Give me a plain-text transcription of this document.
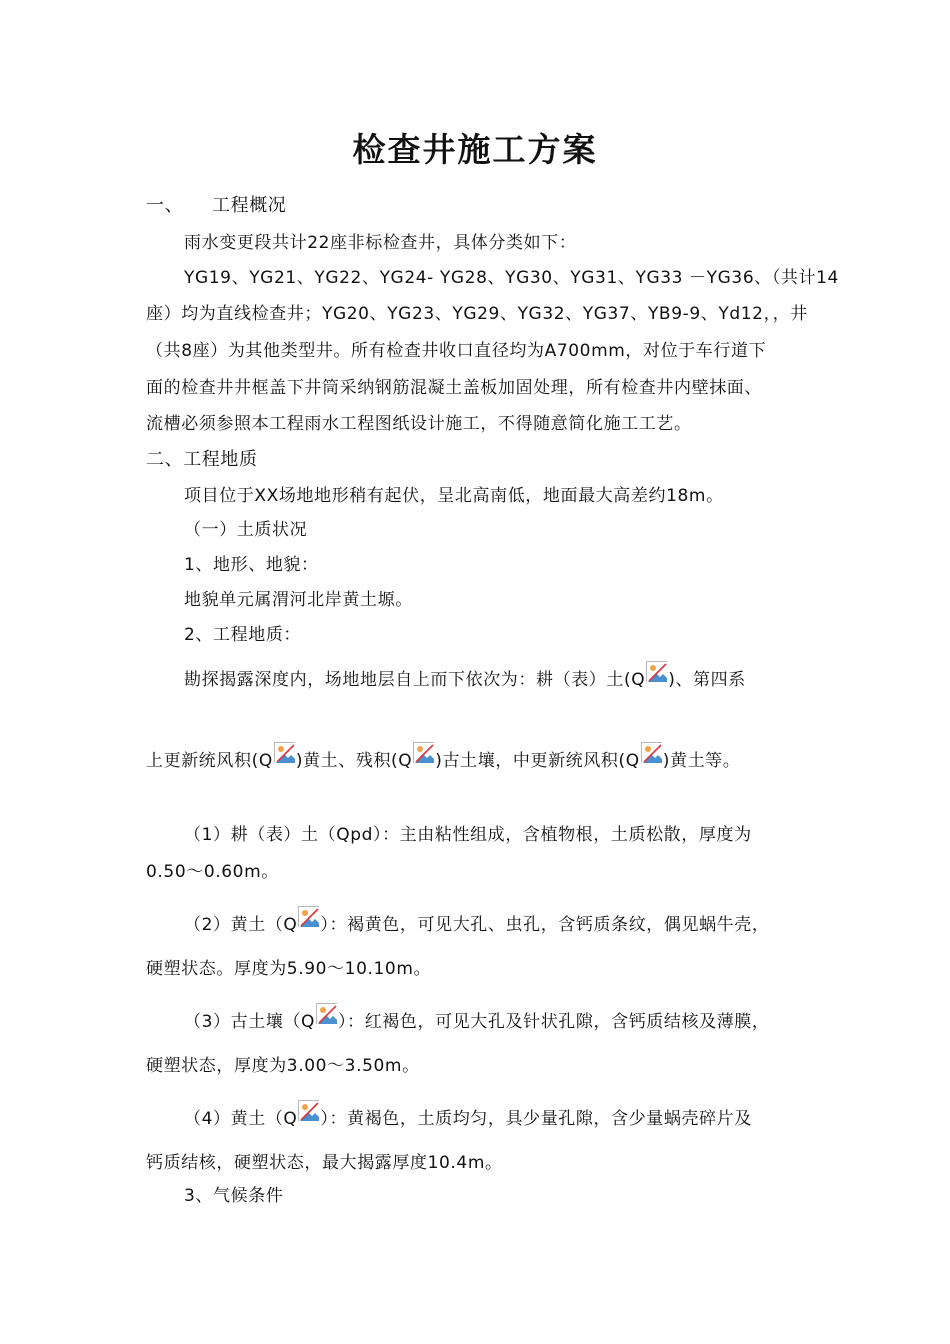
检查井施工方案
一、 工程概况
雨水变更段共计22座非标检查井，具体分类如下：
YG19、YG21、YG22、YG24- YG28、YG30、YG31、YG33 －YG36、（共计14
座）均为直线检查井；YG20、YG23、YG29、YG32、YG37、YB9-9、Yd12，，井
（共8座）为其他类型井。所有检查井收口直径均为A700mm，对位于车行道下
面的检查井井框盖下井筒采纳钢筋混凝土盖板加固处理，所有检查井内壁抹面、
流槽必须参照本工程雨水工程图纸设计施工，不得随意简化施工工艺。
二、工程地质
项目位于XX场地地形稍有起伏，呈北高南低，地面最大高差约18m。
（一）土质状况
1、地形、地貌：
地貌单元属渭河北岸黄土塬。
2、工程地质：
勘探揭露深度内，场地地层自上而下依次为：耕（表）土(Q )、第四系
上更新统风积(Q )黄土、残积(Q )古土壤，中更新统风积(Q )黄土等。
（1）耕（表）土（Qpd）：主由粘性组成，含植物根，土质松散，厚度为
0.50～0.60m。
（2）黄土（Q ）：褐黄色，可见大孔、虫孔，含钙质条纹，偶见蜗牛壳，
硬塑状态。厚度为5.90～10.10m。
（3）古土壤（Q ）：红褐色，可见大孔及针状孔隙，含钙质结核及薄膜，
硬塑状态，厚度为3.00～3.50m。
（4）黄土（Q ）：黄褐色，土质均匀，具少量孔隙，含少量蜗壳碎片及
钙质结核，硬塑状态，最大揭露厚度10.4m。
3、气候条件
